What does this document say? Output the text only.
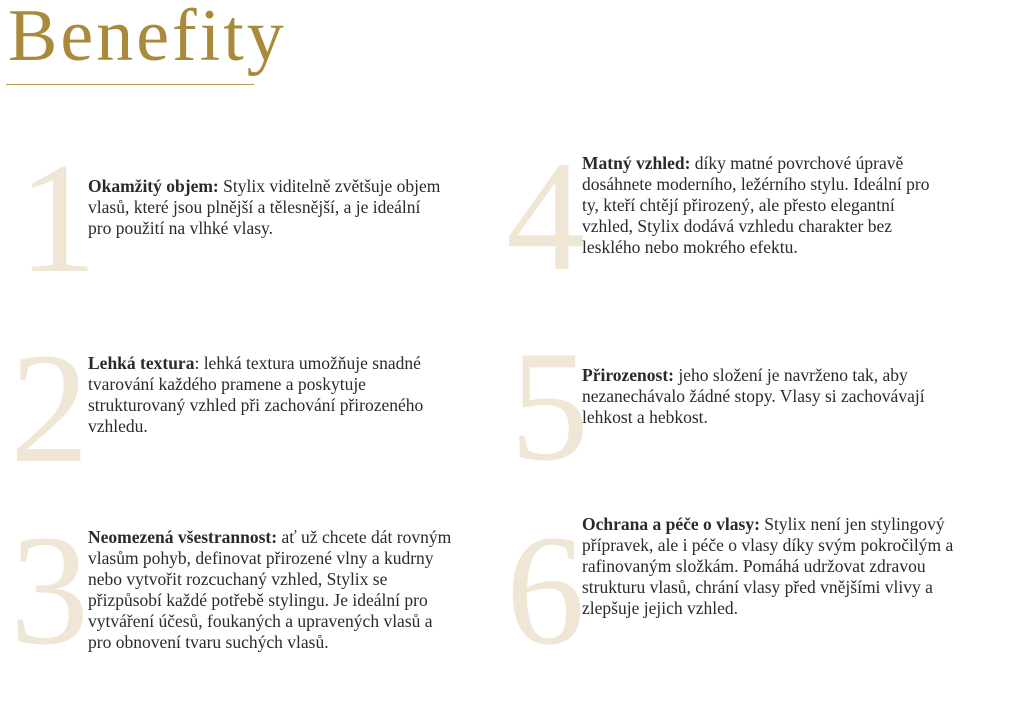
Benefity
1

Okamžitý objem: Stylix viditelně zvětšuje objem vlasů, které jsou plnější a tělesnější, a je ideální pro použití na vlhké vlasy.

2 Lehká textura: lehká textura umožňuje snadné tvarování každého pramene a poskytuje strukturovaný vzhled při zachování přirozeného vzhledu.

3 Neomezená všestrannost: ať už chcete dát rovným vlasům pohyb, definovat přirozené vlny a kudrny nebo vytvořit rozcuchaný vzhled, Stylix se přizpůsobí každé potřebě stylingu. Je ideální pro vytváření účesů, foukaných a upravených vlasů a pro obnovení tvaru suchých vlasů.

4

Matný vzhled: díky matné povrchové úpravě dosáhnete moderního, ležérního stylu. Ideální pro ty, kteří chtějí přirozený, ale přesto elegantní vzhled, Stylix dodává vzhledu charakter bez lesklého nebo mokrého efektu.

5

Přirozenost: jeho složení je navrženo tak, aby nezanechávalo žádné stopy. Vlasy si zachovávají lehkost a hebkost.

6

Ochrana a péče o vlasy: Stylix není jen stylingový přípravek, ale i péče o vlasy díky svým pokročilým a rafinovaným složkám. Pomáhá udržovat zdravou strukturu vlasů, chrání vlasy před vnějšími vlivy a zlepšuje jejich vzhled.
